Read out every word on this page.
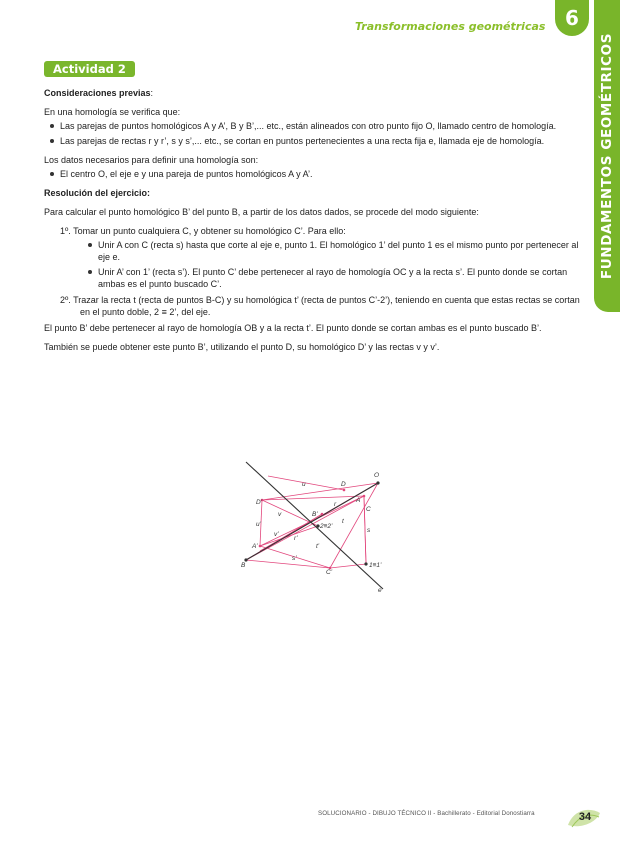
Transformaciones geométricas 6
FUNDAMENTOS GEOMÉTRICOS
Actividad 2

Consideraciones previas:

En una homología se verifica que:

Las parejas de puntos homológicos A y A’, B y B’,... etc., están alineados con otro punto fijo O, llamado centro de homología.
Las parejas de rectas r y r’, s y s’,... etc., se cortan en puntos pertenecientes a una recta fija e, llamada eje de homología.

Los datos necesarios para definir una homología son:

El centro O, el eje e y una pareja de puntos homológicos A y A’.

Resolución del ejercicio:

Para calcular el punto homológico B’ del punto B, a partir de los datos dados, se procede del modo siguiente:

1º. Tomar un punto cualquiera C, y obtener su homológico C’. Para ello:

Unir A con C (recta s) hasta que corte al eje e, punto 1. El homológico 1’ del punto 1 es el mismo punto por pertenecer al eje e.
Unir A’ con 1’ (recta s’). El punto C’ debe pertenecer al rayo de homología OC y a la recta s’. El punto donde se cortan ambas es el punto buscado C’.

2º. Trazar la recta t (recta de puntos B-C) y su homológica t’ (recta de puntos C’-2’), teniendo en cuenta que estas rectas se cortan en el punto doble, 2 ≡ 2’, del eje.

El punto B’ debe pertenecer al rayo de homología OB y a la recta t’. El punto donde se cortan ambas es el punto buscado B’.

También se puede obtener este punto B’, utilizando el punto D, su homológico D’ y las rectas v y v’.

O
D
D’	A
A’
C
C’
B
B’
2≡2’
1≡1’
e
u
u’
v
v’
r
r’
s
s’
t
t’
SOLUCIONARIO - DIBUJO TÉCNICO II - Bachillerato - Editorial Donostiarra	34
